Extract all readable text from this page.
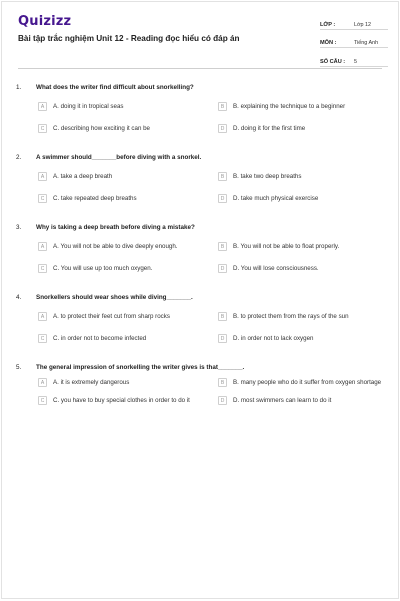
Quizizz
Bài tập trắc nghiệm Unit 12 - Reading đọc hiểu có đáp án
LỚP :	Lớp 12
MÔN :	Tiếng Anh
SỐ CÂU :	5
1.	What does the writer find difficult about snorkelling?
A	A. doing it in tropical seas	B	B. explaining the technique to a beginner
C	C. describing how exciting it can be	D	D. doing it for the first time
2.	A swimmer should_______before diving with a snorkel.
A	A. take a deep breath	B	B. take two deep breaths
C	C. take repeated deep breaths	D	D. take much physical exercise
3.	Why is taking a deep breath before diving a mistake?
A	A. You will not be able to dive deeply enough.	B	B. You will not be able to float properly.
C	C. You will use up too much oxygen.	D	D. You will lose consciousness.
4.	Snorkellers should wear shoes while diving_______.
A	A. to protect their feet cut from sharp rocks	B	B. to protect them from the rays of the sun
C	C. in order not to become infected	D	D. in order not to lack oxygen
5.	The general impression of snorkelling the writer gives is that_______.
A	A. it is extremely dangerous	B	B. many people who do it suffer from oxygen shortage
C	C. you have to buy special clothes in order to do it	D	D. most swimmers can learn to do it
